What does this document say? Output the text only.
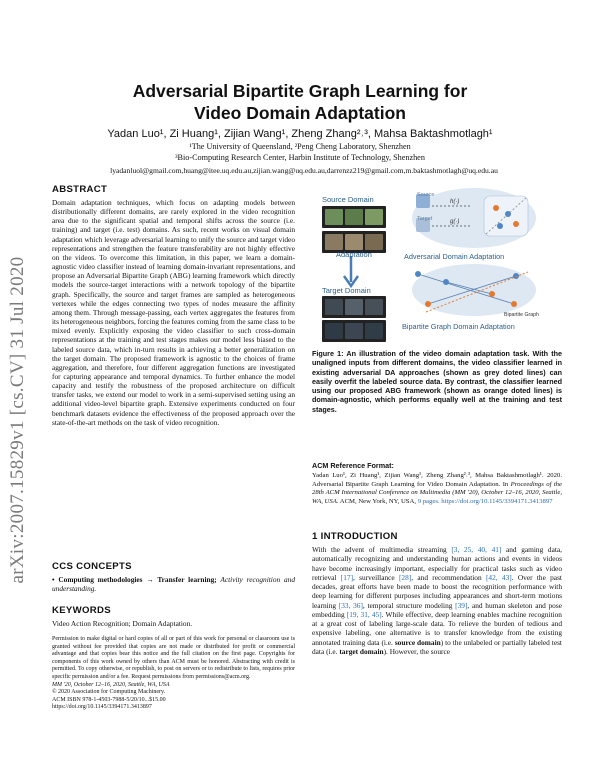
arXiv:2007.15829v1 [cs.CV] 31 Jul 2020
Adversarial Bipartite Graph Learning for
Video Domain Adaptation
Yadan Luo¹, Zi Huang¹, Zijian Wang¹, Zheng Zhang²˒³, Mahsa Baktashmotlagh¹
¹The University of Queensland, ²Peng Cheng Laboratory, Shenzhen
³Bio-Computing Research Center, Harbin Institute of Technology, Shenzhen
lyadanluol@gmail.com,huang@itee.uq.edu.au,zijian.wang@uq.edu.au,darrenzz219@gmail.com,m.baktashmotlagh@uq.edu.au
ABSTRACT
Domain adaptation techniques, which focus on adapting models between distributionally different domains, are rarely explored in the video recognition area due to the significant spatial and temporal shifts across the source (i.e. training) and target (i.e. test) domains. As such, recent works on visual domain adaptation which leverage adversarial learning to unify the source and target video representations and strengthen the feature transferability are not highly effective on the videos. To overcome this limitation, in this paper, we learn a domain-agnostic video classifier instead of learning domain-invariant representations, and propose an Adversarial Bipartite Graph (ABG) learning framework which directly models the source-target interactions with a network topology of the bipartite graph. Specifically, the source and target frames are sampled as heterogeneous vertexes while the edges connecting two types of nodes measure the affinity among them. Through message-passing, each vertex aggregates the features from its heterogeneous neighbors, forcing the features coming from the same class to be mixed evenly. Explicitly exposing the video classifier to such cross-domain representations at the training and test stages makes our model less biased to the labeled source data, which in-turn results in achieving a better generalization on the target domain. The proposed framework is agnostic to the choices of frame aggregation, and therefore, four different aggregation functions are investigated for capturing appearance and temporal dynamics. To further enhance the model capacity and testify the robustness of the proposed architecture on difficult transfer tasks, we extend our model to work in a semi-supervised setting using an additional video-level bipartite graph. Extensive experiments conducted on four benchmark datasets evidence the effectiveness of the proposed approach over the state-of-the-art methods on the task of video recognition.
CCS CONCEPTS
• Computing methodologies → Transfer learning; Activity recognition and understanding.
KEYWORDS
Video Action Recognition; Domain Adaptation.
Permission to make digital or hard copies of all or part of this work for personal or classroom use is granted without fee provided that copies are not made or distributed for profit or commercial advantage and that copies bear this notice and the full citation on the first page. Copyrights for components of this work owned by others than ACM must be honored. Abstracting with credit is permitted. To copy otherwise, or republish, to post on servers or to redistribute to lists, requires prior specific permission and/or a fee. Request permissions from permissions@acm.org.
MM '20, October 12–16, 2020, Seattle, WA, USA
© 2020 Association for Computing Machinery.
ACM ISBN 978-1-4503-7988-5/20/10...$15.00
https://doi.org/10.1145/3394171.3413897
Source Domain
Adaptation
Target Domain
Source
Target
h(·)
g(·)
Adversarial Domain Adaptation
Bipartite Graph
Bipartite Graph Domain Adaptation
Figure 1: An illustration of the video domain adaptation task. With the unaligned inputs from different domains, the video classifier learned in existing adversarial DA approaches (shown as grey doted lines) can easily overfit the labeled source data. By contrast, the classifier learned using our proposed ABG framework (shown as orange doted lines) is domain-agnostic, which performs equally well at the training and test stages.
ACM Reference Format:
Yadan Luo¹, Zi Huang¹, Zijian Wang¹, Zheng Zhang²˒³, Mahsa Baktashmotlagh¹. 2020. Adversarial Bipartite Graph Learning for Video Domain Adaptation. In Proceedings of the 28th ACM International Conference on Multimedia (MM '20), October 12–16, 2020, Seattle, WA, USA. ACM, New York, NY, USA, 9 pages. https://doi.org/10.1145/3394171.3413897
1 INTRODUCTION
With the advent of multimedia streaming [3, 25, 40, 41] and gaming data, automatically recognizing and understanding human actions and events in videos have become increasingly important, especially for practical tasks such as video retrieval [17], surveillance [28], and recommendation [42, 43]. Over the past decades, great efforts have been made to boost the recognition performance with deep learning for different purposes including appearances and short-term motions learning [33, 36], temporal structure modeling [39], and human skeleton and pose embedding [19, 31, 45]. While effective, deep learning enables machine recognition at a great cost of labeling large-scale data. To relieve the burden of tedious and expensive labeling, one alternative is to transfer knowledge from the existing annotated training data (i.e. source domain) to the unlabeled or partially labeled test data (i.e. target domain). However, the source
